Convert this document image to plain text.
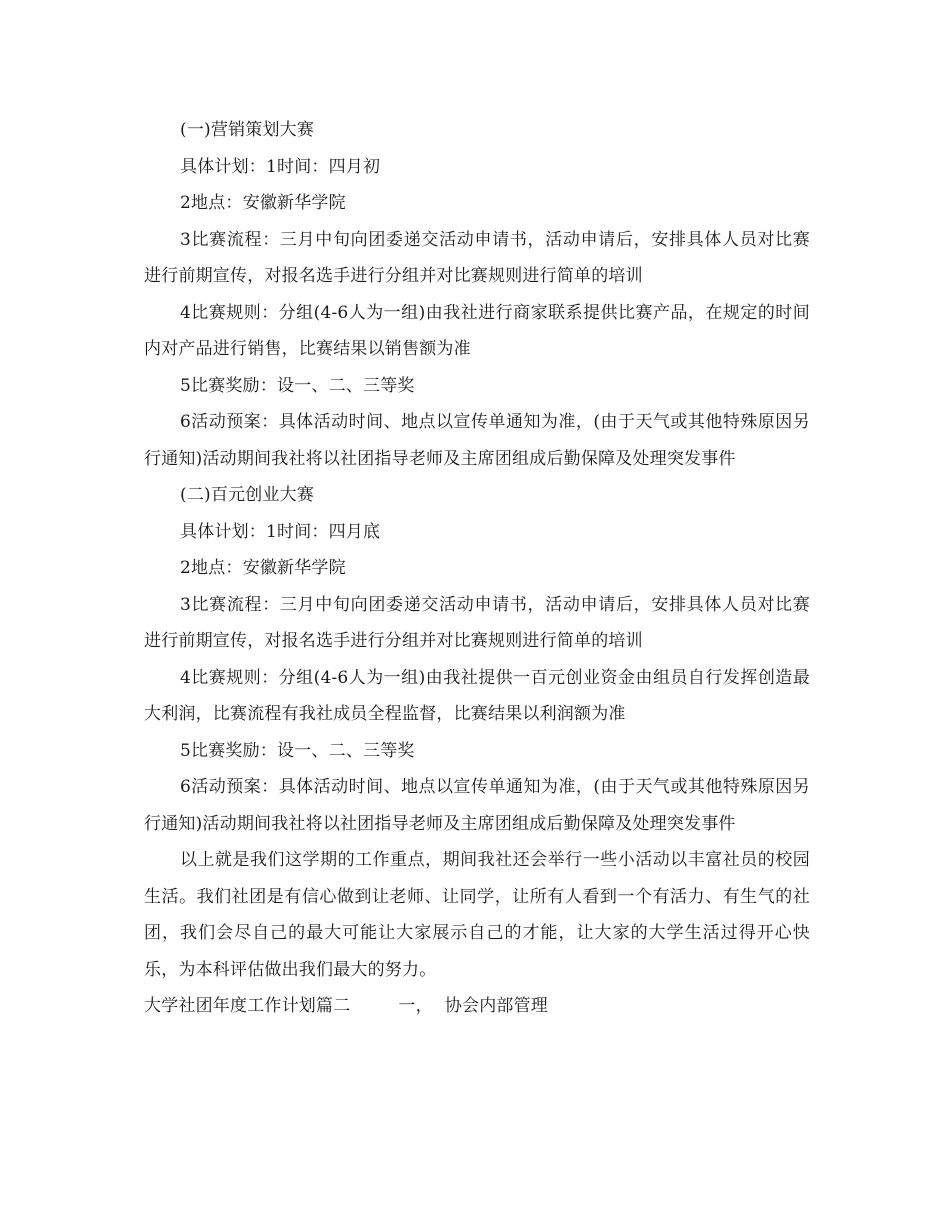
(一)营销策划大赛

具体计划：1时间：四月初

2地点：安徽新华学院

3比赛流程：三月中旬向团委递交活动申请书，活动申请后，安排具体人员对比赛进行前期宣传，对报名选手进行分组并对比赛规则进行简单的培训

4比赛规则：分组(4-6人为一组)由我社进行商家联系提供比赛产品，在规定的时间内对产品进行销售，比赛结果以销售额为准

5比赛奖励：设一、二、三等奖

6活动预案：具体活动时间、地点以宣传单通知为准，(由于天气或其他特殊原因另行通知)活动期间我社将以社团指导老师及主席团组成后勤保障及处理突发事件

(二)百元创业大赛

具体计划：1时间：四月底

2地点：安徽新华学院

3比赛流程：三月中旬向团委递交活动申请书，活动申请后，安排具体人员对比赛进行前期宣传，对报名选手进行分组并对比赛规则进行简单的培训

4比赛规则：分组(4-6人为一组)由我社提供一百元创业资金由组员自行发挥创造最大利润，比赛流程有我社成员全程监督，比赛结果以利润额为准

5比赛奖励：设一、二、三等奖

6活动预案：具体活动时间、地点以宣传单通知为准，(由于天气或其他特殊原因另行通知)活动期间我社将以社团指导老师及主席团组成后勤保障及处理突发事件

以上就是我们这学期的工作重点，期间我社还会举行一些小活动以丰富社员的校园生活。我们社团是有信心做到让老师、让同学，让所有人看到一个有活力、有生气的社团，我们会尽自己的最大可能让大家展示自己的才能，让大家的大学生活过得开心快乐，为本科评估做出我们最大的努力。

大学社团年度工作计划篇二	一， 协会内部管理
